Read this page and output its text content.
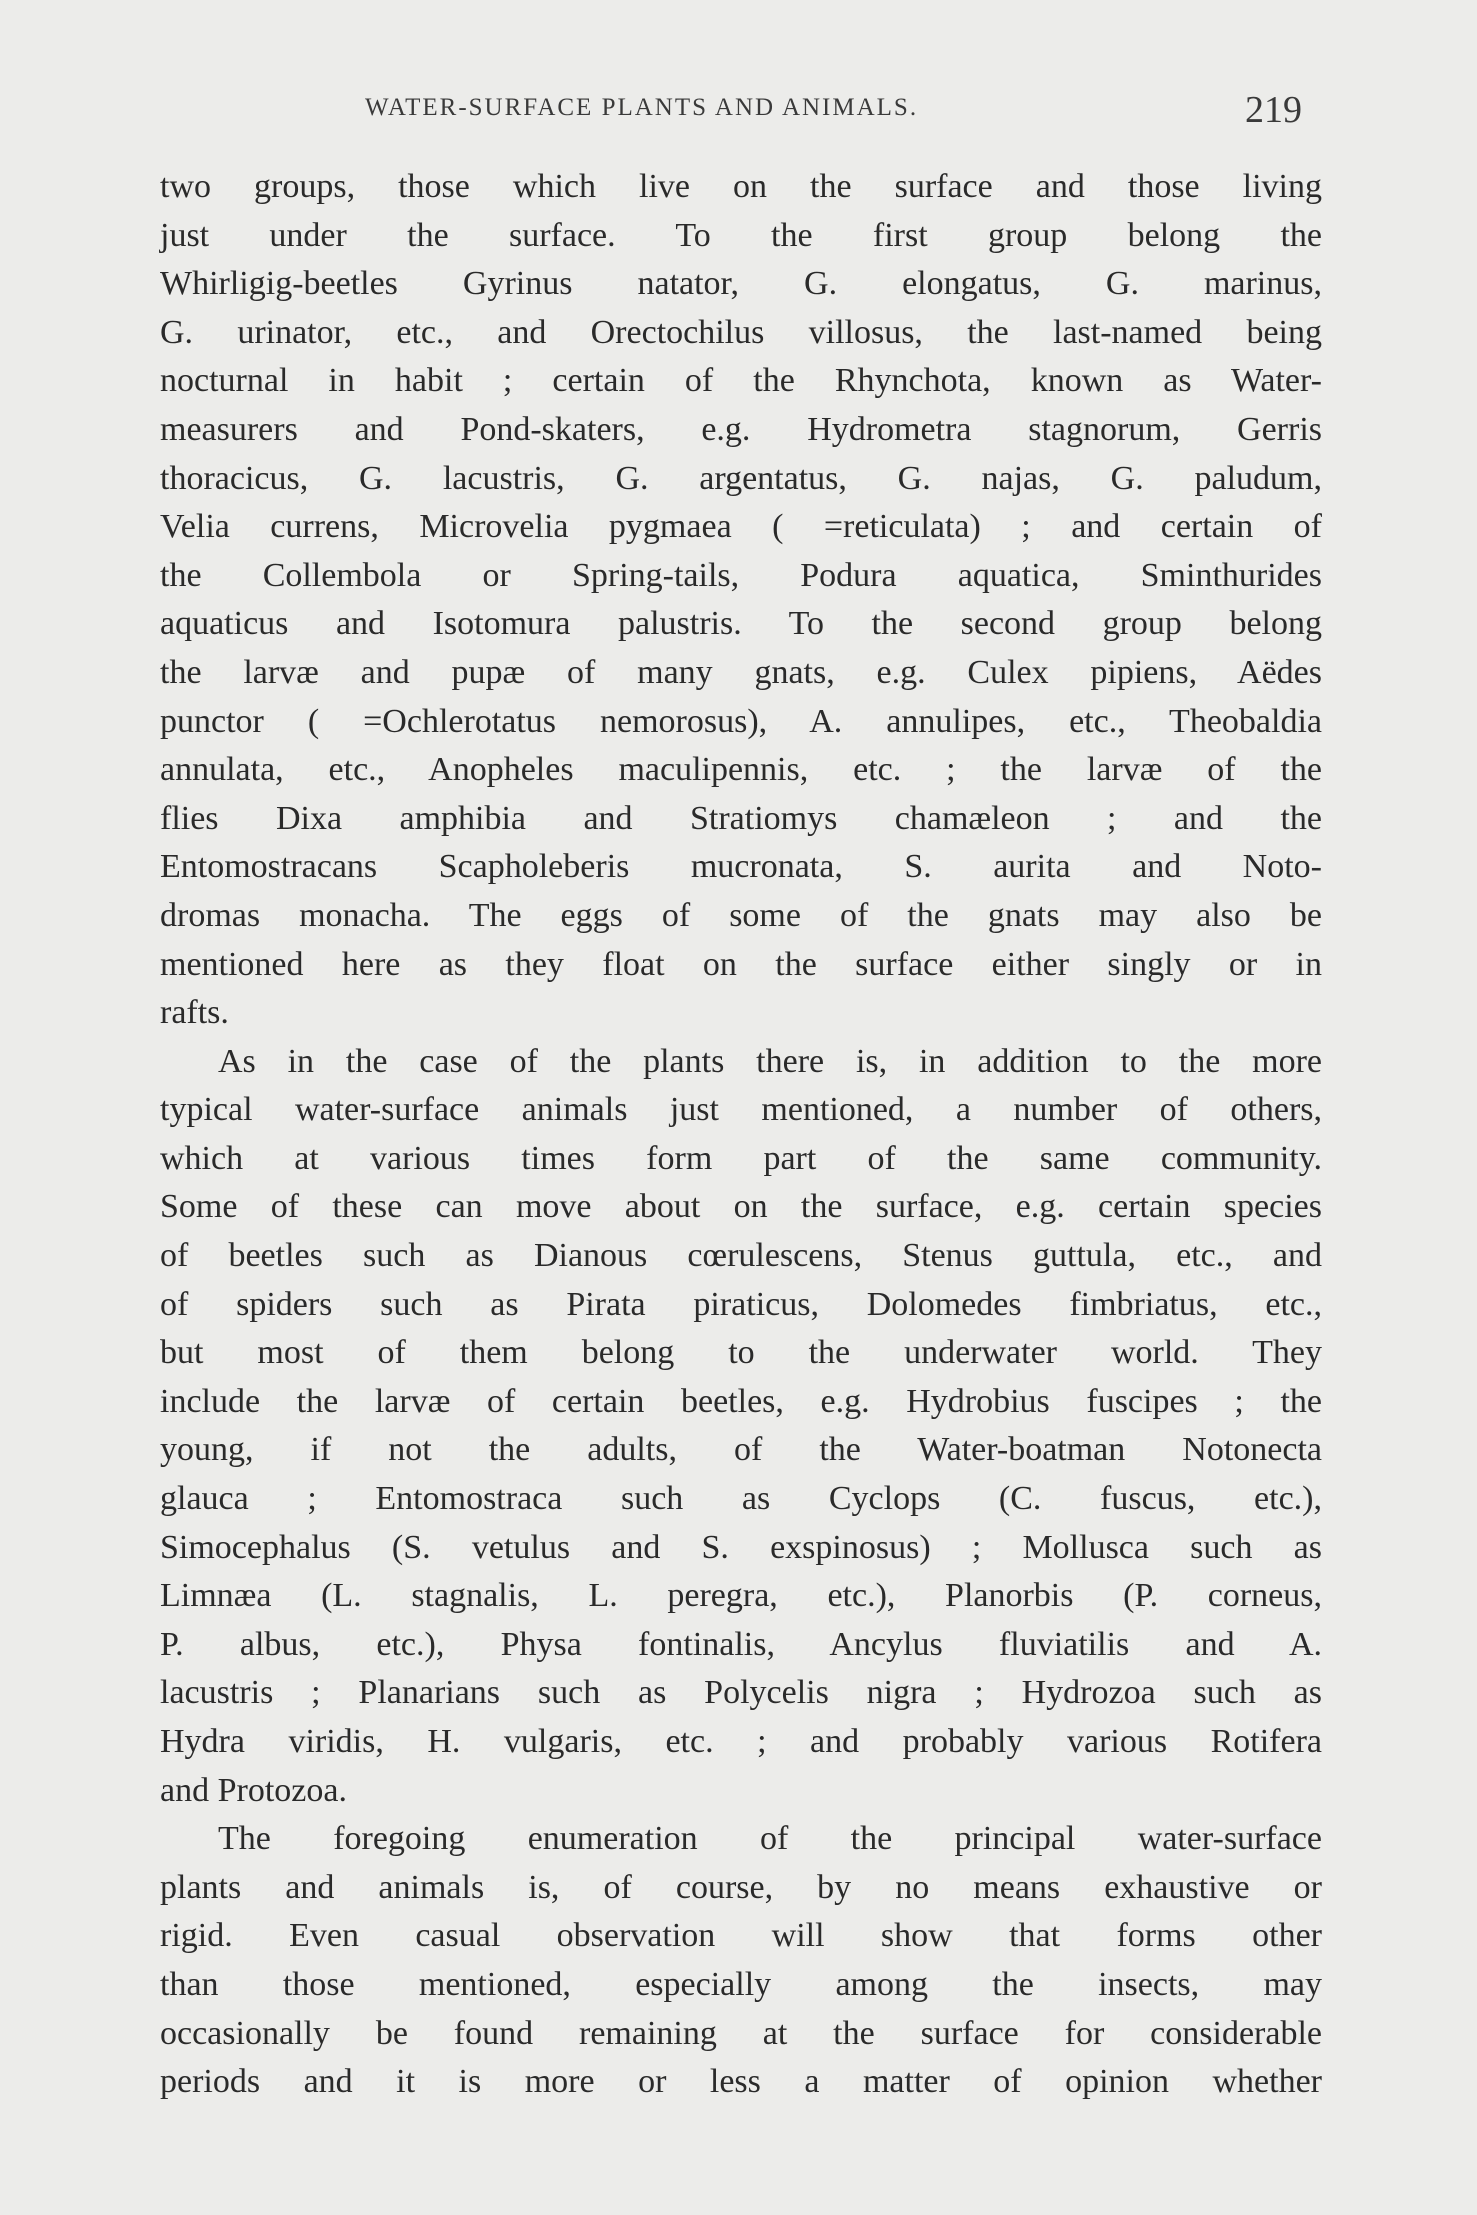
WATER-SURFACE PLANTS AND ANIMALS.	219
two groups, those which live on the surface and those living
just under the surface. To the first group belong the
Whirligig-beetles Gyrinus natator, G. elongatus, G. marinus,
G. urinator, etc., and Orectochilus villosus, the last-named being
nocturnal in habit ; certain of the Rhynchota, known as Water-
measurers and Pond-skaters, e.g. Hydrometra stagnorum, Gerris
thoracicus, G. lacustris, G. argentatus, G. najas, G. paludum,
Velia currens, Microvelia pygmaea ( =reticulata) ; and certain of
the Collembola or Spring-tails, Podura aquatica, Sminthurides
aquaticus and Isotomura palustris. To the second group belong
the larvæ and pupæ of many gnats, e.g. Culex pipiens, Aëdes
punctor ( =Ochlerotatus nemorosus), A. annulipes, etc., Theobaldia
annulata, etc., Anopheles maculipennis, etc. ; the larvæ of the
flies Dixa amphibia and Stratiomys chamæleon ; and the
Entomostracans Scapholeberis mucronata, S. aurita and Noto-
dromas monacha. The eggs of some of the gnats may also be
mentioned here as they float on the surface either singly or in
rafts.
As in the case of the plants there is, in addition to the more
typical water-surface animals just mentioned, a number of others,
which at various times form part of the same community.
Some of these can move about on the surface, e.g. certain species
of beetles such as Dianous cœrulescens, Stenus guttula, etc., and
of spiders such as Pirata piraticus, Dolomedes fimbriatus, etc.,
but most of them belong to the underwater world. They
include the larvæ of certain beetles, e.g. Hydrobius fuscipes ; the
young, if not the adults, of the Water-boatman Notonecta
glauca ; Entomostraca such as Cyclops (C. fuscus, etc.),
Simocephalus (S. vetulus and S. exspinosus) ; Mollusca such as
Limnæa (L. stagnalis, L. peregra, etc.), Planorbis (P. corneus,
P. albus, etc.), Physa fontinalis, Ancylus fluviatilis and A.
lacustris ; Planarians such as Polycelis nigra ; Hydrozoa such as
Hydra viridis, H. vulgaris, etc. ; and probably various Rotifera
and Protozoa.
The foregoing enumeration of the principal water-surface
plants and animals is, of course, by no means exhaustive or
rigid. Even casual observation will show that forms other
than those mentioned, especially among the insects, may
occasionally be found remaining at the surface for considerable
periods and it is more or less a matter of opinion whether
